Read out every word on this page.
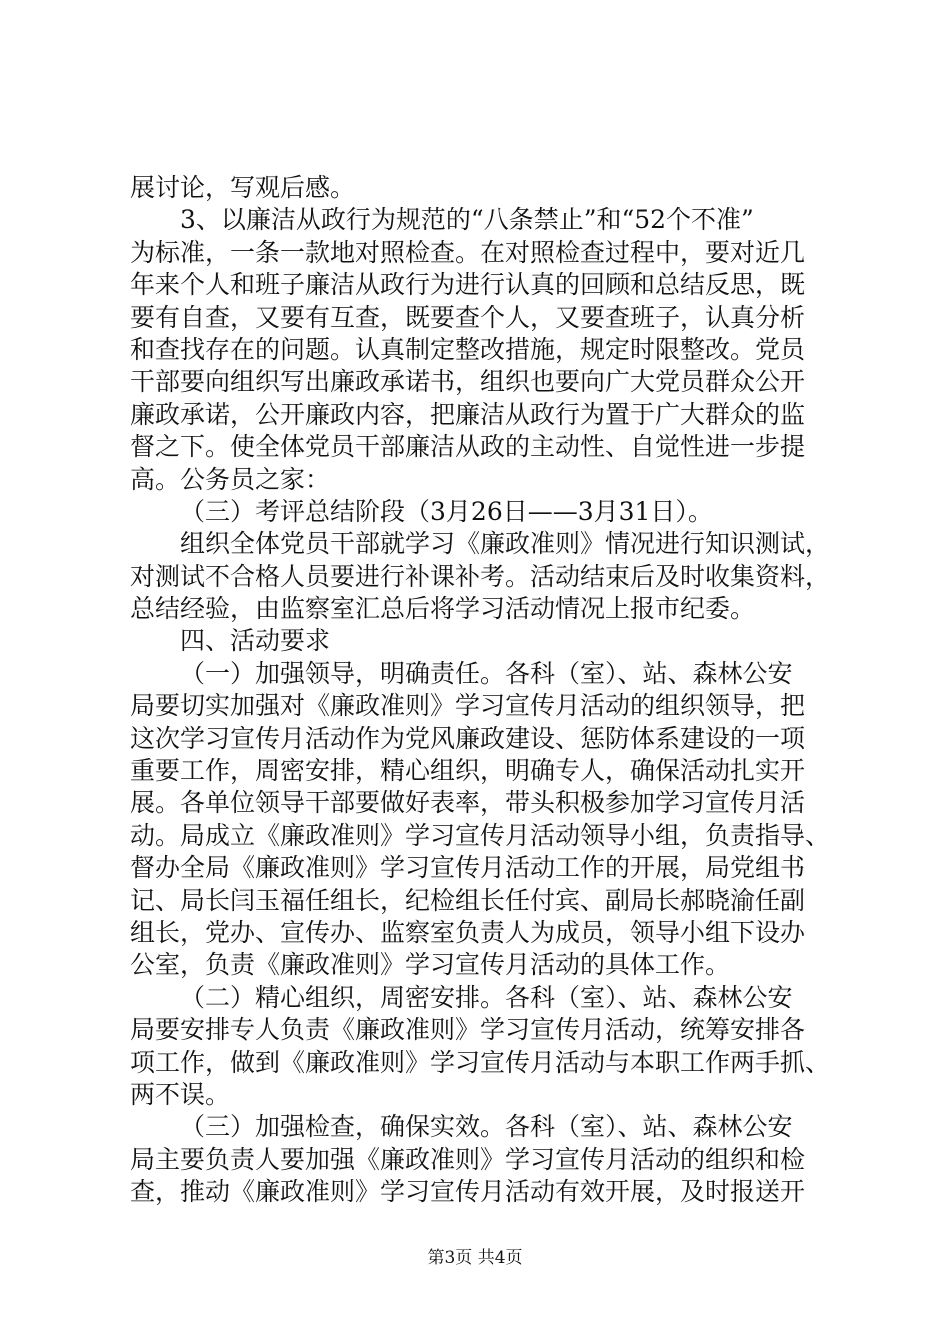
展讨论，写观后感。
3、以廉洁从政行为规范的“八条禁止”和“52个不准”
为标准，一条一款地对照检查。在对照检查过程中，要对近几
年来个人和班子廉洁从政行为进行认真的回顾和总结反思，既
要有自查，又要有互查，既要查个人，又要查班子，认真分析
和查找存在的问题。认真制定整改措施，规定时限整改。党员
干部要向组织写出廉政承诺书，组织也要向广大党员群众公开
廉政承诺，公开廉政内容，把廉洁从政行为置于广大群众的监
督之下。使全体党员干部廉洁从政的主动性、自觉性进一步提
高。公务员之家：
（三）考评总结阶段（3月26日——3月31日）。
组织全体党员干部就学习《廉政准则》情况进行知识测试，
对测试不合格人员要进行补课补考。活动结束后及时收集资料，
总结经验，由监察室汇总后将学习活动情况上报市纪委。
四、活动要求
（一）加强领导，明确责任。各科（室）、站、森林公安
局要切实加强对《廉政准则》学习宣传月活动的组织领导，把
这次学习宣传月活动作为党风廉政建设、惩防体系建设的一项
重要工作，周密安排，精心组织，明确专人，确保活动扎实开
展。各单位领导干部要做好表率，带头积极参加学习宣传月活
动。局成立《廉政准则》学习宣传月活动领导小组，负责指导、
督办全局《廉政准则》学习宣传月活动工作的开展，局党组书
记、局长闫玉福任组长，纪检组长任付宾、副局长郝晓渝任副
组长，党办、宣传办、监察室负责人为成员，领导小组下设办
公室，负责《廉政准则》学习宣传月活动的具体工作。
（二）精心组织，周密安排。各科（室）、站、森林公安
局要安排专人负责《廉政准则》学习宣传月活动，统筹安排各
项工作，做到《廉政准则》学习宣传月活动与本职工作两手抓、
两不误。
（三）加强检查，确保实效。各科（室）、站、森林公安
局主要负责人要加强《廉政准则》学习宣传月活动的组织和检
查，推动《廉政准则》学习宣传月活动有效开展，及时报送开
第3页 共4页
